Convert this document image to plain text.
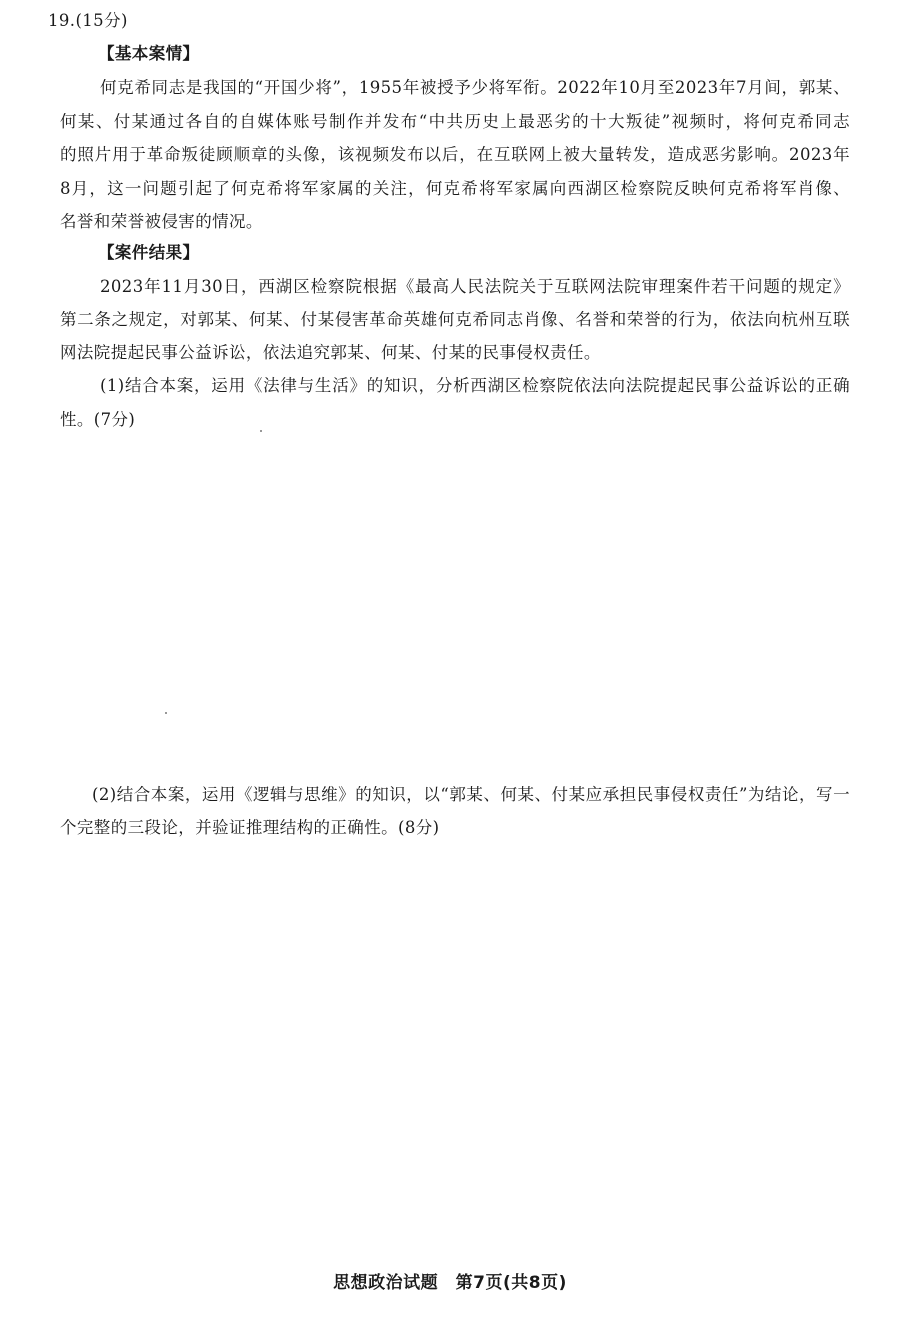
19.(15分)
【基本案情】
何克希同志是我国的“开国少将”，1955年被授予少将军衔。2022年10月至2023年7月间，郭某、
何某、付某通过各自的自媒体账号制作并发布“中共历史上最恶劣的十大叛徒”视频时，将何克希同志
的照片用于革命叛徒顾顺章的头像，该视频发布以后，在互联网上被大量转发，造成恶劣影响。2023年
8月，这一问题引起了何克希将军家属的关注，何克希将军家属向西湖区检察院反映何克希将军肖像、
名誉和荣誉被侵害的情况。
【案件结果】
2023年11月30日，西湖区检察院根据《最高人民法院关于互联网法院审理案件若干问题的规定》
第二条之规定，对郭某、何某、付某侵害革命英雄何克希同志肖像、名誉和荣誉的行为，依法向杭州互联
网法院提起民事公益诉讼，依法追究郭某、何某、付某的民事侵权责任。
(1)结合本案，运用《法律与生活》的知识，分析西湖区检察院依法向法院提起民事公益诉讼的正确
性。(7分)
(2)结合本案，运用《逻辑与思维》的知识，以“郭某、何某、付某应承担民事侵权责任”为结论，写一
个完整的三段论，并验证推理结构的正确性。(8分)
思想政治试题　第7页(共8页)
